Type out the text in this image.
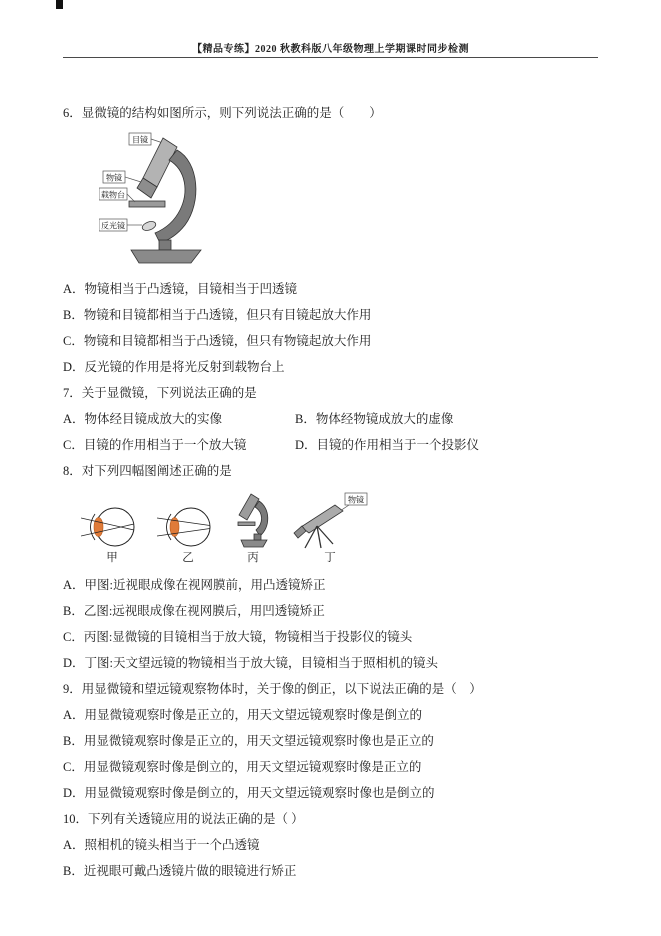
【精品专练】2020 秋教科版八年级物理上学期课时同步检测
6．显微镜的结构如图所示，则下列说法正确的是（　　）
目镜
物镜
载物台
反光镜
A．物镜相当于凸透镜，目镜相当于凹透镜
B．物镜和目镜都相当于凸透镜，但只有目镜起放大作用
C．物镜和目镜都相当于凸透镜，但只有物镜起放大作用
D．反光镜的作用是将光反射到载物台上
7．关于显微镜，下列说法正确的是
A．物体经目镜成放大的实像	B．物体经物镜成放大的虚像
C．目镜的作用相当于一个放大镜	D．目镜的作用相当于一个投影仪
8．对下列四幅图阐述正确的是
甲	乙	丙
物镜
丁
A．甲图:近视眼成像在视网膜前，用凸透镜矫正
B．乙图:远视眼成像在视网膜后，用凹透镜矫正
C．丙图:显微镜的目镜相当于放大镜，物镜相当于投影仪的镜头
D．丁图:天文望远镜的物镜相当于放大镜，目镜相当于照相机的镜头
9．用显微镜和望远镜观察物体时，关于像的倒正，以下说法正确的是（　）
A．用显微镜观察时像是正立的，用天文望远镜观察时像是倒立的
B．用显微镜观察时像是正立的，用天文望远镜观察时像也是正立的
C．用显微镜观察时像是倒立的，用天文望远镜观察时像是正立的
D．用显微镜观察时像是倒立的，用天文望远镜观察时像也是倒立的
10．下列有关透镜应用的说法正确的是（ ）
A．照相机的镜头相当于一个凸透镜
B．近视眼可戴凸透镜片做的眼镜进行矫正
